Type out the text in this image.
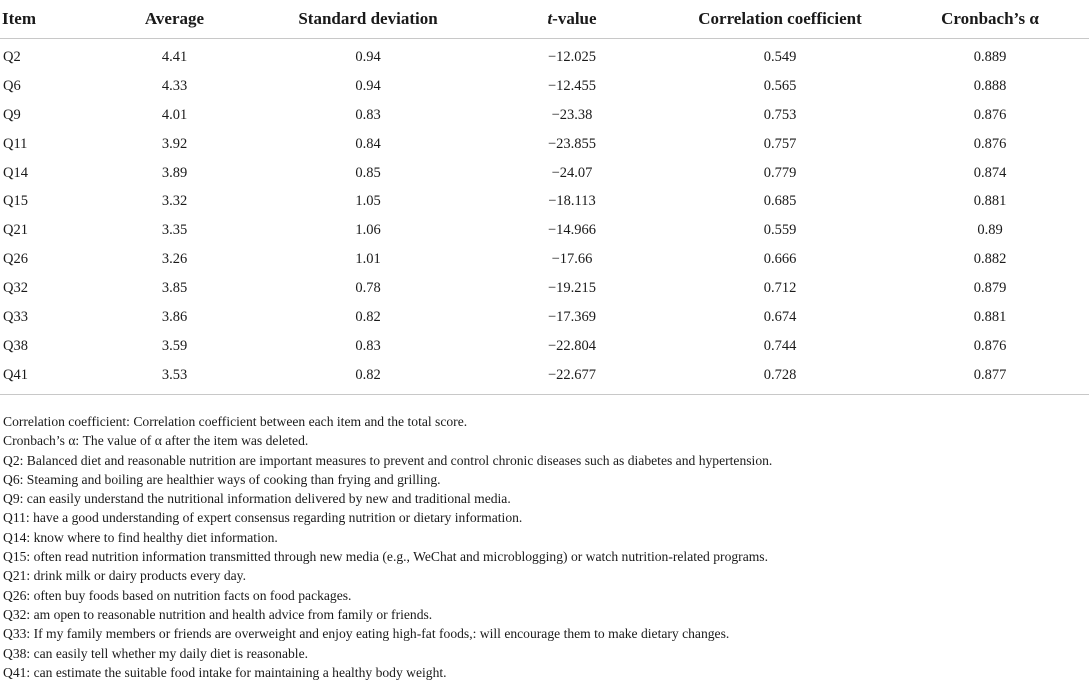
Item	Average	Standard deviation	t-value	Correlation coefficient	Cronbach’s α
Q2	4.41	0.94	−12.025	0.549	0.889
Q6	4.33	0.94	−12.455	0.565	0.888
Q9	4.01	0.83	−23.38	0.753	0.876
Q11	3.92	0.84	−23.855	0.757	0.876
Q14	3.89	0.85	−24.07	0.779	0.874
Q15	3.32	1.05	−18.113	0.685	0.881
Q21	3.35	1.06	−14.966	0.559	0.89
Q26	3.26	1.01	−17.66	0.666	0.882
Q32	3.85	0.78	−19.215	0.712	0.879
Q33	3.86	0.82	−17.369	0.674	0.881
Q38	3.59	0.83	−22.804	0.744	0.876
Q41	3.53	0.82	−22.677	0.728	0.877
Correlation coefficient: Correlation coefficient between each item and the total score.
Cronbach’s α: The value of α after the item was deleted.
Q2: Balanced diet and reasonable nutrition are important measures to prevent and control chronic diseases such as diabetes and hypertension.
Q6: Steaming and boiling are healthier ways of cooking than frying and grilling.
Q9: can easily understand the nutritional information delivered by new and traditional media.
Q11: have a good understanding of expert consensus regarding nutrition or dietary information.
Q14: know where to find healthy diet information.
Q15: often read nutrition information transmitted through new media (e.g., WeChat and microblogging) or watch nutrition-related programs.
Q21: drink milk or dairy products every day.
Q26: often buy foods based on nutrition facts on food packages.
Q32: am open to reasonable nutrition and health advice from family or friends.
Q33: If my family members or friends are overweight and enjoy eating high-fat foods,: will encourage them to make dietary changes.
Q38: can easily tell whether my daily diet is reasonable.
Q41: can estimate the suitable food intake for maintaining a healthy body weight.
